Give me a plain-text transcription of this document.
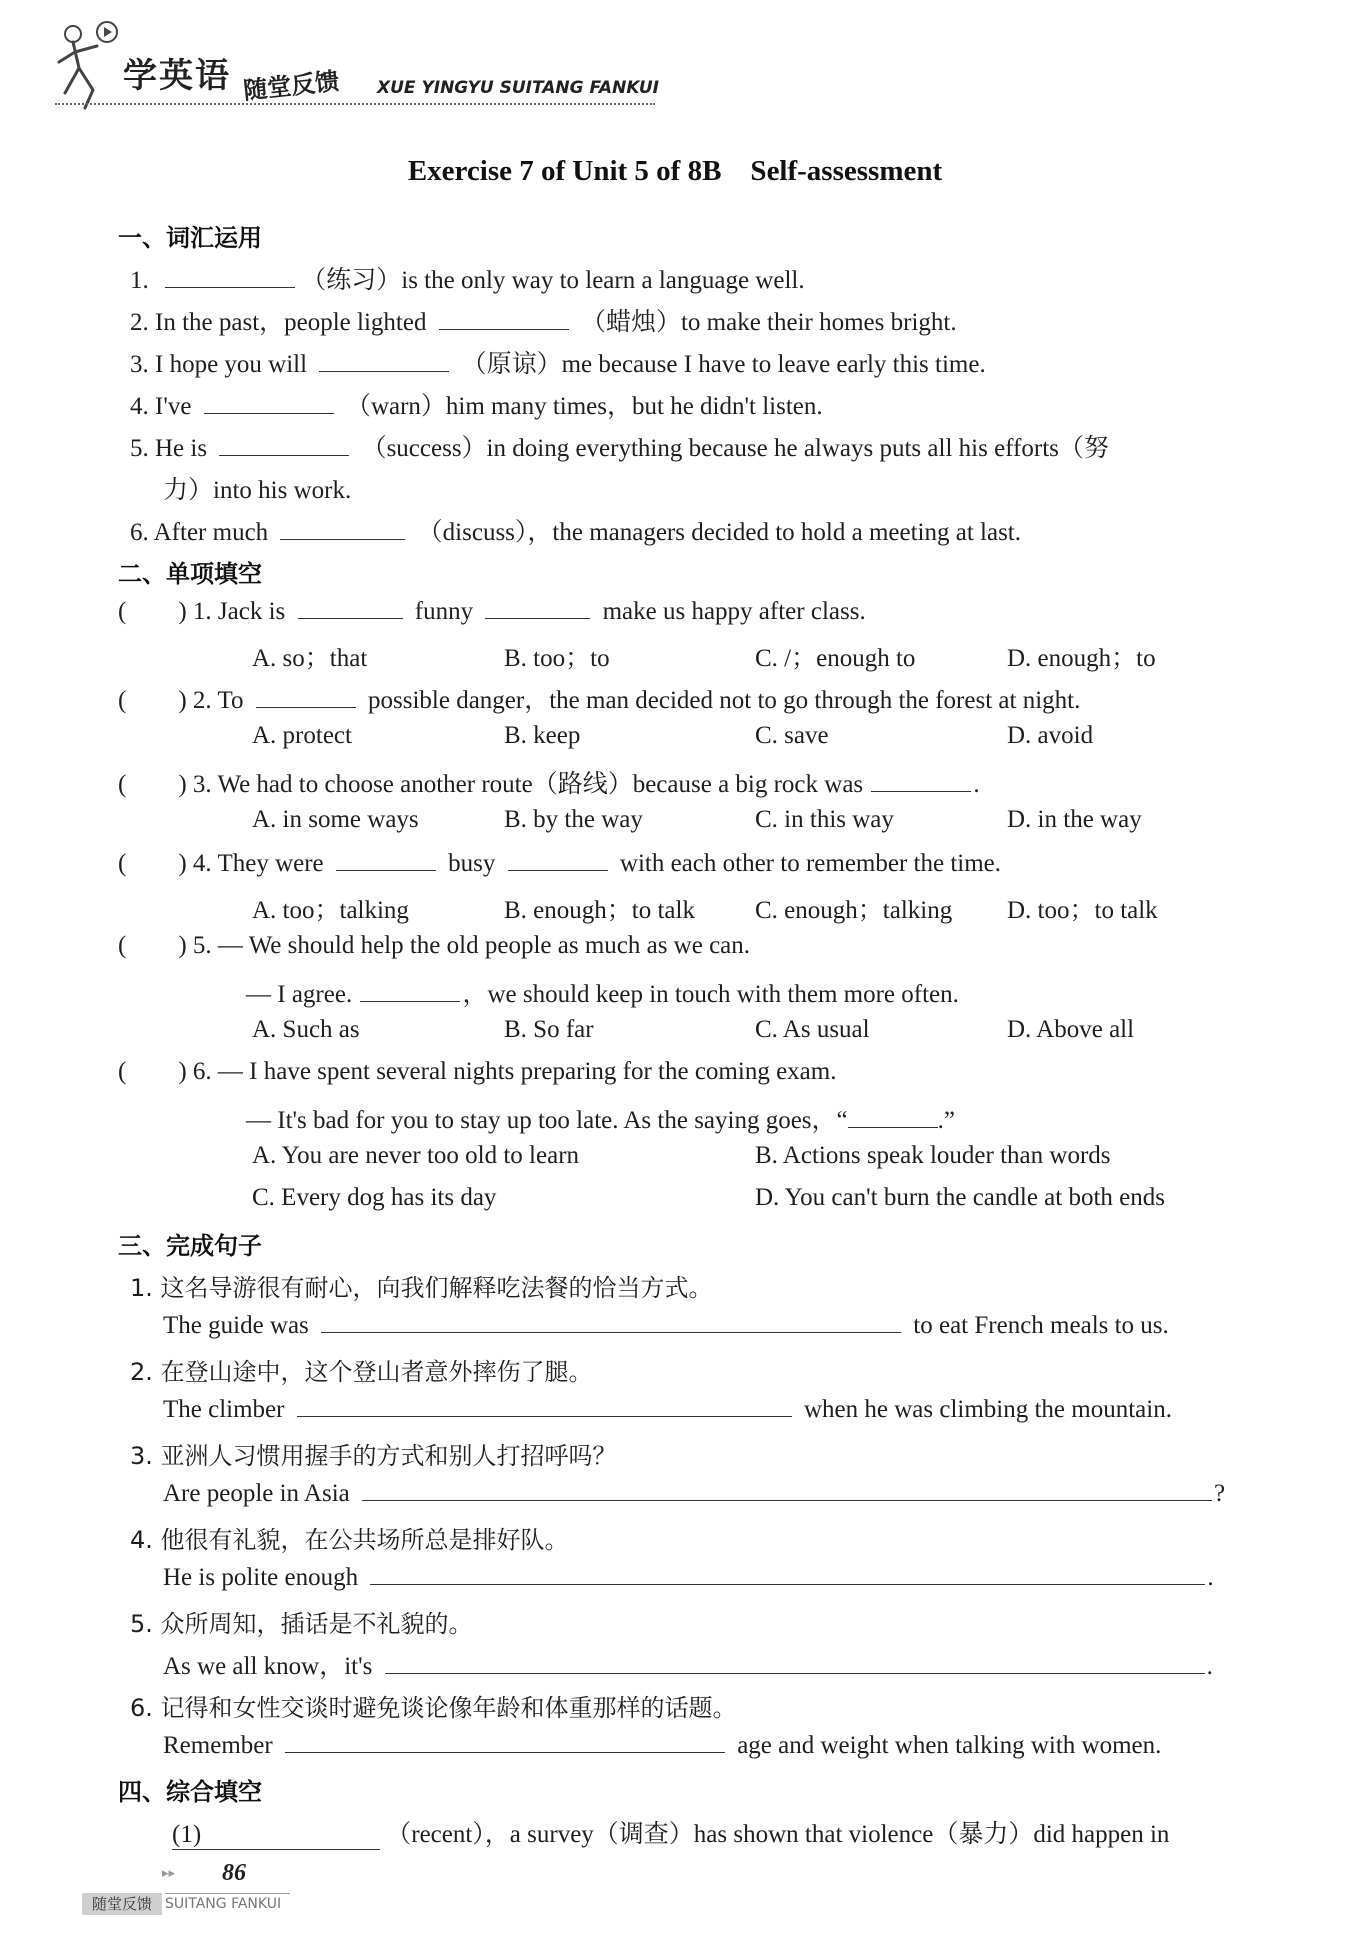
学英语 随堂反馈 XUE YINGYU SUITANG FANKUI
Exercise 7 of Unit 5 of 8B　Self-assessment
一、词汇运用
1.	（练习）is the only way to learn a language well.
2. In the past，people lighted	（蜡烛）to make their homes bright.
3. I hope you will	（原谅）me because I have to leave early this time.
4. I've	（warn）him many times，but he didn't listen.
5. He is	（success）in doing everything because he always puts all his efforts（努
力）into his work.
6. After much	（discuss），the managers decided to hold a meeting at last.
二、单项填空
( ) 1. Jack is	funny	make us happy after class.
A. so；that	B. too；to	C. /；enough to	D. enough；to
( ) 2. To	possible danger，the man decided not to go through the forest at night.
A. protect	B. keep	C. save	D. avoid
( ) 3. We had to choose another route（路线）because a big rock was	.
A. in some ways	B. by the way	C. in this way	D. in the way
( ) 4. They were	busy	with each other to remember the time.
A. too；talking	B. enough；to talk C. enough；talking D. too；to talk
( ) 5. — We should help the old people as much as we can.
— I agree.	，we should keep in touch with them more often.
A. Such as	B. So far	C. As usual	D. Above all
( ) 6. — I have spent several nights preparing for the coming exam.
— It's bad for you to stay up too late. As the saying goes，“	.”
A. You are never too old to learn	B. Actions speak louder than words
C. Every dog has its day	D. You can't burn the candle at both ends
三、完成句子
1. 这名导游很有耐心，向我们解释吃法餐的恰当方式。
The guide was	to eat French meals to us.
2. 在登山途中，这个登山者意外摔伤了腿。
The climber	when he was climbing the mountain.
3. 亚洲人习惯用握手的方式和别人打招呼吗？
Are people in Asia	?
4. 他很有礼貌，在公共场所总是排好队。
He is polite enough	.
5. 众所周知，插话是不礼貌的。
As we all know，it's	.
6. 记得和女性交谈时避免谈论像年龄和体重那样的话题。
Remember	age and weight when talking with women.
四、综合填空
(1)	（recent），a survey（调查）has shown that violence（暴力）did happen in
▸▸ 86
随堂反馈 SUITANG FANKUI
